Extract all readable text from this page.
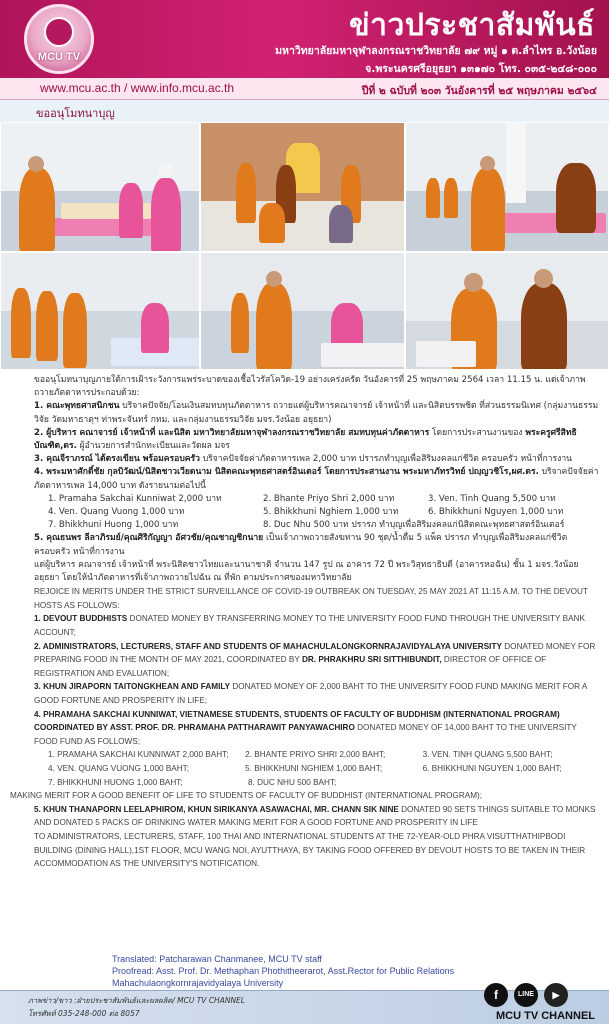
MCU TV
ข่าวประชาสัมพันธ์
มหาวิทยาลัยมหาจุฬาลงกรณราชวิทยาลัย ๗๙ หมู่ ๑ ต.ลำไทร อ.วังน้อย
จ.พระนครศรีอยุธยา ๑๓๑๗๐ โทร. ๐๓๕-๒๔๘-๐๐๐
www.mcu.ac.th / www.info.mcu.ac.th	ปีที่ ๒ ฉบับที่ ๒๐๓ วันอังคารที่ ๒๕ พฤษภาคม ๒๕๖๔
ขออนุโมทนาบุญ

ขออนุโมทนาบุญภายใต้การเฝ้าระวังการแพร่ระบาดของเชื้อไวรัสโควิด-19 อย่างเคร่งครัด วันอังคารที่ 25 พฤษภาคม 2564 เวลา 11.15 น. แด่เจ้าภาพถวายภัตตาหารประกอบด้วย:

1. คณะพุทธศาสนิกชน บริจาคปัจจัย/โอนเงินสมทบทุนภัตตาหาร ถวายแด่ผู้บริหารคณาจารย์ เจ้าหน้าที่ และนิสิตบรรพชิต ที่ส่วนธรรมนิเทศ (กลุ่มงานธรรมวิจัย วัดมหาธาตุฯ ท่าพระจันทร์ กทม. และกลุ่มงานธรรมวิจัย มจร.วังน้อย อยุธยา)

2. ผู้บริหาร คณาจารย์ เจ้าหน้าที่ และนิสิต มหาวิทยาลัยมหาจุฬาลงกรณราชวิทยาลัย สมทบทุนค่าภัตตาหาร โดยการประสานงานของ พระครูศรีสิทธิบัณฑิต,ดร. ผู้อำนวยการสำนักทะเบียนและวัดผล มจร

3. คุณจีราภรณ์ ไต้ตรงเขียน พร้อมครอบครัว บริจาคปัจจัยค่าภัตตาหารเพล 2,000 บาท ปรารภทำบุญเพื่อสิริมงคลแก่ชีวิต ครอบครัว หน้าที่การงาน

4. พระมหาศักดิ์ชัย กุลบิวัฒน์/นิสิตชาวเวียดนาม นิสิตคณะพุทธศาสตร์อินเตอร์ โดยการประสานงาน พระมหาภัทรวิทย์ ปญฺญวชิโร,ผศ.ดร. บริจาคปัจจัยค่าภัตตาหารเพล 14,000 บาท ดังรายนามต่อไปนี้

1. Pramaha Sakchai Kunniwat 2,000 บาท	2. Bhante Priyo Shri 2,000 บาท	3. Ven. Tinh Quang 5,500 บาท
4. Ven. Quang Vuong 1,000 บาท	5. Bhikkhuni Nghiem 1,000 บาท	6. Bhikkhuni Nguyen 1,000 บาท
7. Bhikkhuni Huong 1,000 บาท	8. Duc Nhu 500 บาท ปรารภ ทำบุญเพื่อสิริมงคลแก่นิสิตคณะพุทธศาสตร์อินเตอร์

5. คุณธนพร ลีลาภิรมย์/คุณศิริกัญญา อัศวชัย/คุณชาญชิกนาย เป็นเจ้าภาพถวายสังฆทาน 90 ชุด/น้ำดื่ม 5 แพ็ค ปรารภ ทำบุญเพื่อสิริมงคลแก่ชีวิต ครอบครัว หน้าที่การงาน

แด่ผู้บริหาร คณาจารย์ เจ้าหน้าที่ พระนิสิตชาวไทยและนานาชาติ จำนวน 147 รูป ณ อาคาร 72 ปี พระวิสุทธาธิบดี (อาคารหอฉัน) ชั้น 1 มจร.วังน้อย อยุธยา โดยให้นำภัตตาหารที่เจ้าภาพถวายไปฉัน ณ ที่พัก ตามประกาศของมหาวิทยาลัย

REJOICE IN MERITS UNDER THE STRICT SURVEILLANCE OF COVID-19 OUTBREAK ON TUESDAY, 25 MAY 2021 AT 11:15 A.M. TO THE DEVOUT HOSTS AS FOLLOWS:

1. DEVOUT BUDDHISTS DONATED MONEY BY TRANSFERRING MONEY TO THE UNIVERSITY FOOD FUND THROUGH THE UNIVERSITY BANK ACCOUNT;

2. ADMINISTRATORS, LECTURERS, STAFF AND STUDENTS OF MAHACHULALONGKORNRAJAVIDYALAYA UNIVERSITY DONATED MONEY FOR PREPARING FOOD IN THE MONTH OF MAY 2021, COORDINATED BY DR. PHRAKHRU SRI SITTHIBUNDIT, DIRECTOR OF OFFICE OF REGISTRATION AND EVALUATION;

3. KHUN JIRAPORN TAITONGKHEAN AND FAMILY DONATED MONEY OF 2,000 BAHT TO THE UNIVERSITY FOOD FUND MAKING MERIT FOR A GOOD FORTUNE AND PROSPERITY IN LIFE;

4. PHRAMAHA SAKCHAI KUNNIWAT, VIETNAMESE STUDENTS, STUDENTS OF FACULTY OF BUDDHISM (INTERNATIONAL PROGRAM) COORDINATED BY ASST. PROF. DR. PHRAMAHA PATTHARAWIT PANYAWACHIRO DONATED MONEY OF 14,000 BAHT TO THE UNIVERSITY FOOD FUND AS FOLLOWS;

1. PRAMAHA SAKCHAI KUNNIWAT 2,000 BAHT;	2. BHANTE PRIYO SHRI 2,000 BAHT;	3. VEN. TINH QUANG 5,500 BAHT;
4. VEN. QUANG VUONG 1,000 BAHT;	5. BHIKKHUNI NGHIEM 1,000 BAHT;	6. BHIKKHUNI NGUYEN 1,000 BAHT;
7. BHIKKHUNI HUONG 1,000 BAHT;	8. DUC NHU 500 BAHT;

MAKING MERIT FOR A GOOD BENEFIT OF LIFE TO STUDENTS OF FACULTY OF BUDDHIST (INTERNATIONAL PROGRAM);

5. KHUN THANAPORN LEELAPHIROM, KHUN SIRIKANYA ASAWACHAI, MR. CHANN SIK NINE DONATED 90 SETS THINGS SUITABLE TO MONKS AND DONATED 5 PACKS OF DRINKING WATER MAKING MERIT FOR A GOOD FORTUNE AND PROSPERITY IN LIFE

TO ADMINISTRATORS, LECTURERS, STAFF, 100 THAI AND INTERNATIONAL STUDENTS AT THE 72-YEAR-OLD PHRA VISUTTHATHIPBODI BUILDING (DINING HALL),1ST FLOOR, MCU WANG NOI, AYUTTHAYA, BY TAKING FOOD OFFERED BY DEVOUT HOSTS TO BE TAKEN IN THEIR ACCOMMODATION AS THE UNIVERSITY'S NOTIFICATION.

Translated: Patcharawan Chanmanee, MCU TV staff
Proofread: Asst. Prof. Dr. Methaphan Phothitheerarot, Asst.Rector for Public Relations
Mahachulaongkornrajavidyalaya University
ภาพข่าว/ขาว :ฝ่ายประชาสัมพันธ์และผลผลิต/ MCU TV CHANNEL
โทรศัพท์ 035-248-000 ต่อ 8057
f	LINE	▶
MCU TV CHANNEL
